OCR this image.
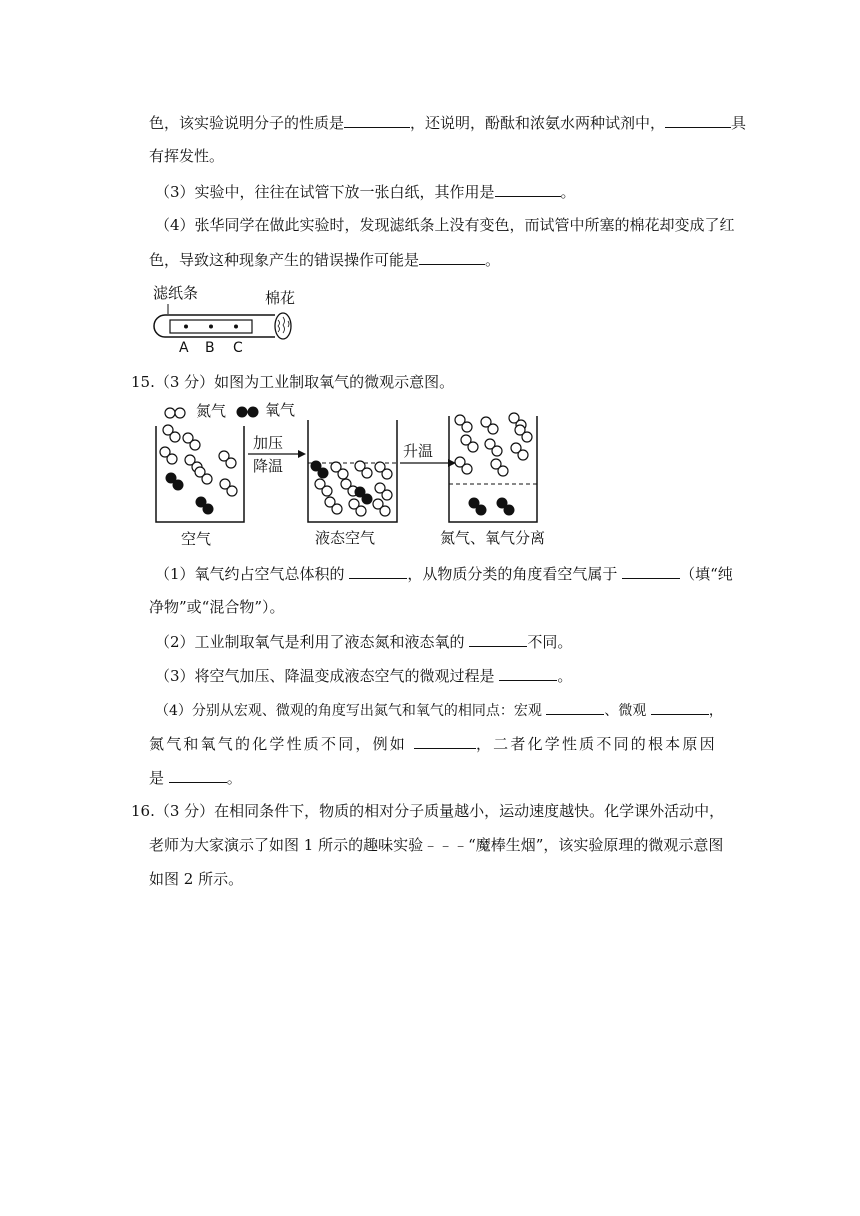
色，该实验说明分子的性质是	，还说明，酚酞和浓氨水两种试剂中，	具
有挥发性。
（3）实验中，往往在试管下放一张白纸，其作用是	。
（4）张华同学在做此实验时，发现滤纸条上没有变色，而试管中所塞的棉花却变成了红
色，导致这种现象产生的错误操作可能是	。
滤纸条	棉花
A B C
15.（3 分）如图为工业制取氧气的微观示意图。
氮气	氧气
加压
降温
升温
空气	液态空气	氮气、氧气分离
（1）氧气约占空气总体积的	，从物质分类的角度看空气属于	（填“纯
净物”或“混合物”）。
（2）工业制取氧气是利用了液态氮和液态氧的	不同。
（3）将空气加压、降温变成液态空气的微观过程是	。
（4）分别从宏观、微观的角度写出氮气和氧气的相同点：宏观	、微观	，
氮气和氧气的化学性质不同，例如	，二者化学性质不同的根本原因
是	。
16.（3 分）在相同条件下，物质的相对分子质量越小，运动速度越快。化学课外活动中，
老师为大家演示了如图 1 所示的趣味实验﹣﹣﹣“魔棒生烟”，该实验原理的微观示意图
如图 2 所示。
